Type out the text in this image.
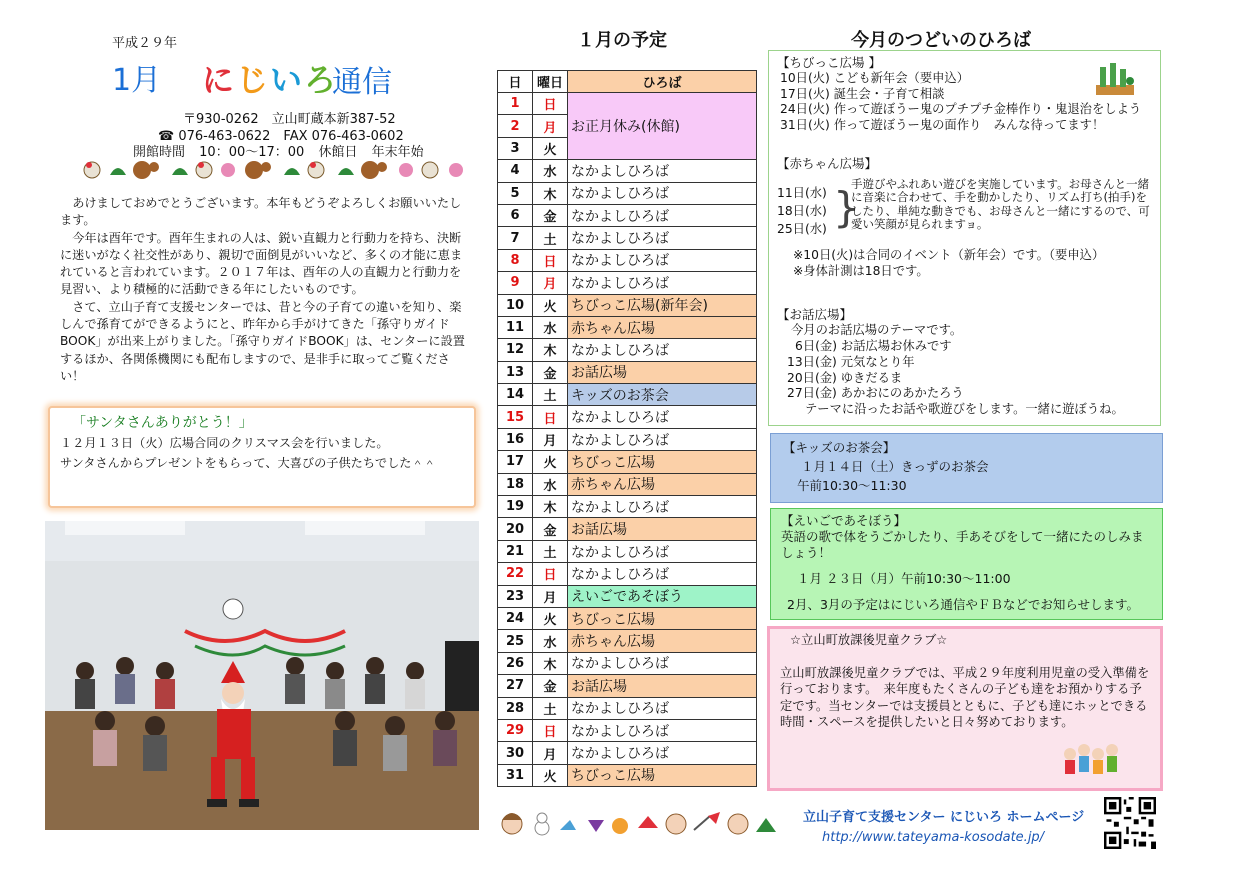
平成２９年
1月 にじいろ
通信
〒930-0262　立山町蔵本新387-52
☎ 076-463-0622　FAX 076-463-0602
開館時間 10：00～17：00 休館日 年末年始

あけましておめでとうございます。本年もどうぞよろしくお願いいたします。

今年は酉年です。酉年生まれの人は、鋭い直観力と行動力を持ち、決断に迷いがなく社交性があり、親切で面倒見がいいなど、多くの才能に恵まれていると言われています。２０１７年は、酉年の人の直観力と行動力を見習い、より積極的に活動できる年にしたいものです。

さて、立山子育て支援センターでは、昔と今の子育ての違いを知り、楽しんで孫育てができるようにと、昨年から手がけてきた「孫守りガイドBOOK」が出来上がりました。「孫守りガイドBOOK」は、センターに設置するほか、各関係機関にも配布しますので、是非手に取ってご覧ください！

「サンタさんありがとう！」
１２月１３日（火）広場合同のクリスマス会を行いました。
サンタさんからプレゼントをもらって、大喜びの子供たちでした＾＾
１月の予定
日	曜日	ひろば
1	日	お正月休み(休館)
2	月	
3	火	
4	水	なかよしひろば
5	木	なかよしひろば
6	金	なかよしひろば
7	土	なかよしひろば
8	日	なかよしひろば
9	月	なかよしひろば
10	火	ちびっこ広場(新年会)
11	水	赤ちゃん広場
12	木	なかよしひろば
13	金	お話広場
14	土	キッズのお茶会
15	日	なかよしひろば
16	月	なかよしひろば
17	火	ちびっこ広場
18	水	赤ちゃん広場
19	木	なかよしひろば
20	金	お話広場
21	土	なかよしひろば
22	日	なかよしひろば
23	月	えいごであそぼう
24	火	ちびっこ広場
25	水	赤ちゃん広場
26	木	なかよしひろば
27	金	お話広場
28	土	なかよしひろば
29	日	なかよしひろば
30	月	なかよしひろば
31	火	ちびっこ広場
立山子育て支援センター にじいろ ホームページ
http://www.tateyama-kosodate.jp/
今月のつどいのひろば
【ちびっこ広場 】
10日(火) こども新年会（要申込）
17日(火) 誕生会・子育て相談
24日(火) 作って遊ぼうー鬼のプチプチ金棒作り・鬼退治をしよう
31日(火) 作って遊ぼうー鬼の面作り　みんな待ってます！
【赤ちゃん広場】
11日(水)
18日(水)
25日(水) }
手遊びやふれあい遊びを実施しています。お母さんと一緒に音楽に合わせて、手を動かしたり、リズム打ち(拍手)をしたり、単純な動きでも、お母さんと一緒にするので、可愛い笑顔が見られますョ。
※10日(火)は合同のイベント（新年会）です。（要申込）
※身体計測は18日です。
【お話広場】
今月のお話広場のテーマです。
6日(金) お話広場お休みです
13日(金) 元気なとり年
20日(金) ゆきだるま
27日(金) あかおにのあかたろう
テーマに沿ったお話や歌遊びをします。一緒に遊ぼうね。
【キッズのお茶会】
１月１４日（土）きっずのお茶会
午前10:30～11:30
【えいごであそぼう】
英語の歌で体をうごかしたり、手あそびをして一緒にたのしみましょう！
１月 ２３日（月）午前10:30～11:00
2月、3月の予定はにじいろ通信やＦＢなどでお知らせします。
☆立山町放課後児童クラブ☆
立山町放課後児童クラブでは、平成２９年度利用児童の受入準備を行っております。　来年度もたくさんの子ども達をお預かりする予定です。当センターでは支援員とともに、子ども達にホッとできる時間・スペースを提供したいと日々努めております。
